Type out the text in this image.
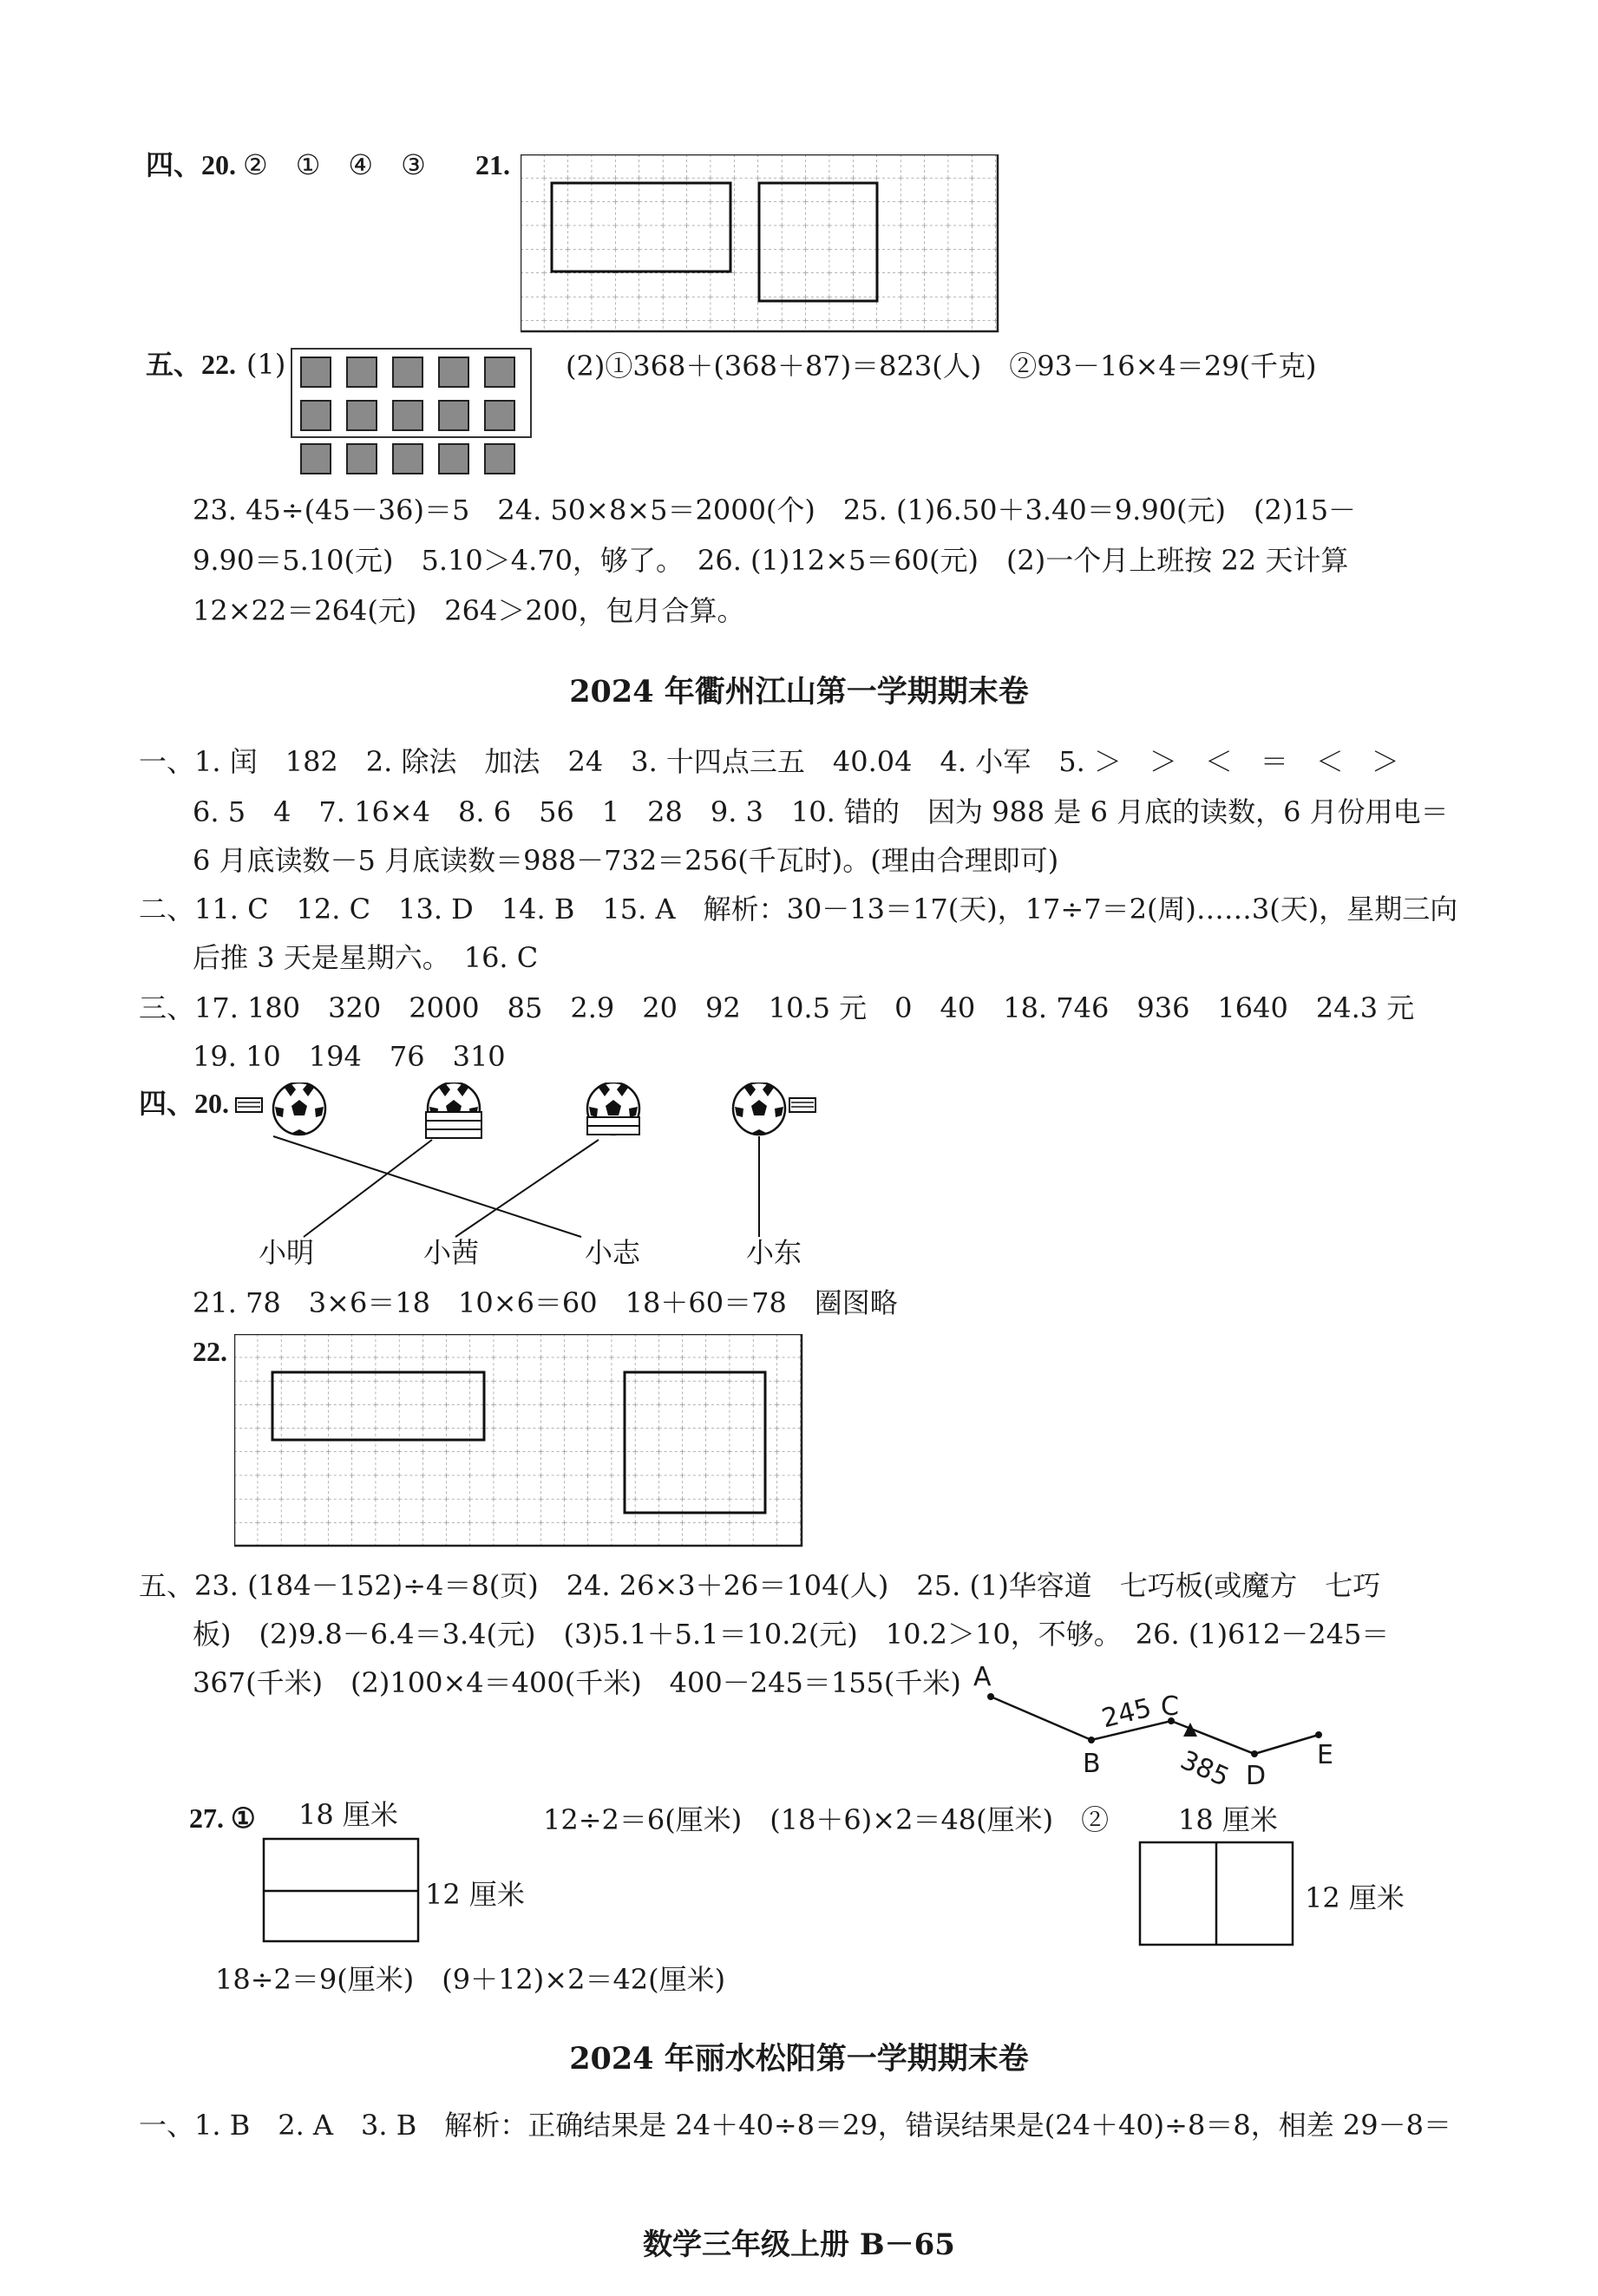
四、20. ②　①　④　③ 21.
五、22. (1)	(2)①368＋(368＋87)＝823(人)　②93－16×4＝29(千克)
23. 45÷(45－36)＝5　24. 50×8×5＝2000(个)　25. (1)6.50＋3.40＝9.90(元)　(2)15－
9.90＝5.10(元)　5.10＞4.70，够了。　26. (1)12×5＝60(元)　(2)一个月上班按 22 天计算
12×22＝264(元)　264＞200，包月合算。
2024 年衢州江山第一学期期末卷
一、1. 闰　182　2. 除法　加法　24　3. 十四点三五　40.04　4. 小军　5. ＞　＞　＜　＝　＜　＞
6. 5　4　7. 16×4　8. 6　56　1　28　9. 3　10. 错的　因为 988 是 6 月底的读数，6 月份用电＝
6 月底读数－5 月底读数＝988－732＝256(千瓦时)。(理由合理即可)
二、11. C　12. C　13. D　14. B　15. A　解析：30－13＝17(天)，17÷7＝2(周)……3(天)，星期三向
后推 3 天是星期六。　16. C
三、17. 180　320　2000　85　2.9　20　92　10.5 元　0　40　18. 746　936　1640　24.3 元
19. 10　194　76　310
四、20.
小明	小茜	小志	小东
21. 78　3×6＝18　10×6＝60　18＋60＝78　圈图略
22.
五、23. (184－152)÷4＝8(页)　24. 26×3＋26＝104(人)　25. (1)华容道　七巧板(或魔方　七巧
板)　(2)9.8－6.4＝3.4(元)　(3)5.1＋5.1＝10.2(元)　10.2＞10，不够。　26. (1)612－245＝
367(千米)　(2)100×4＝400(千米)　400－245＝155(千米) A
B
C
D
E
245
385
27. ① 18 厘米
12 厘米
12÷2＝6(厘米)　(18＋6)×2＝48(厘米)　② 18 厘米
12 厘米
18÷2＝9(厘米)　(9＋12)×2＝42(厘米)
2024 年丽水松阳第一学期期末卷
一、1. B　2. A　3. B　解析：正确结果是 24＋40÷8＝29，错误结果是(24＋40)÷8＝8，相差 29－8＝
数学三年级上册 B－65
